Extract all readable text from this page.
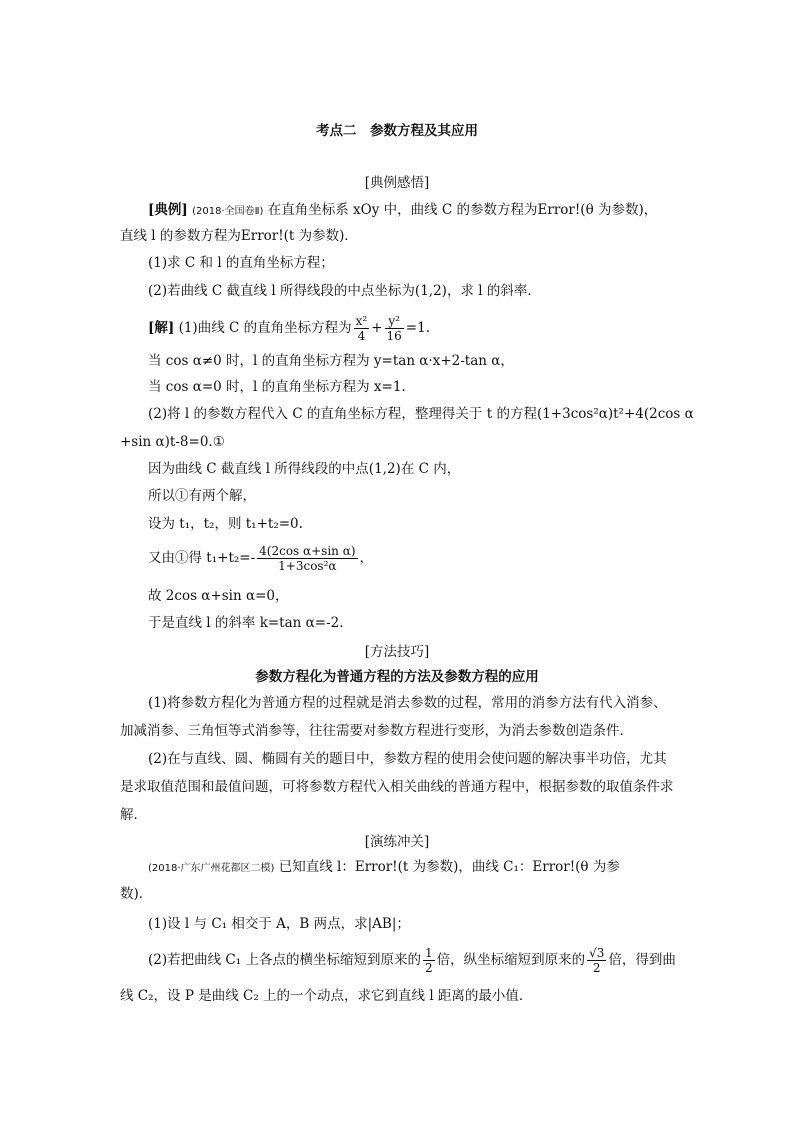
考点二　参数方程及其应用
[典例感悟]
[典例] (2018·全国卷Ⅱ) 在直角坐标系 xOy 中，曲线 C 的参数方程为Error!(θ 为参数)，
直线 l 的参数方程为Error!(t 为参数)．
(1)求 C 和 l 的直角坐标方程；
(2)若曲线 C 截直线 l 所得线段的中点坐标为(1,2)，求 l 的斜率．
[解] (1)曲线 C 的直角坐标方程为 $\frac{\text{x²}}{4} + \frac{\text{y²}}{16} =1$.
当 cos α≠0 时，l 的直角坐标方程为 y=tan α·x+2-tan α，
当 cos α=0 时，l 的直角坐标方程为 x=1.
(2)将 l 的参数方程代入 C 的直角坐标方程，整理得关于 t 的方程(1+3cos²α)t²+4(2cos α
+sin α)t-8=0.①
因为曲线 C 截直线 l 所得线段的中点(1,2)在 C 内，
所以①有两个解，
设为 t₁，t₂，则 t₁+t₂=0.
又由①得 $t_1+t_2=- \frac{\text{4(2cos α+sin α)}}{\text{1+3cos²α}}$ ，
故 2cos α+sin α=0，
于是直线 l 的斜率 k=tan α=-2.
[方法技巧]
参数方程化为普通方程的方法及参数方程的应用
(1)将参数方程化为普通方程的过程就是消去参数的过程，常用的消参方法有代入消参、加减消参、三角恒等式消参等，往往需要对参数方程进行变形，为消去参数创造条件．
(2)在与直线、圆、椭圆有关的题目中，参数方程的使用会使问题的解决事半功倍，尤其是求取值范围和最值问题，可将参数方程代入相关曲线的普通方程中，根据参数的取值条件求解．
[演练冲关]
(2018·广东广州花都区二模) 已知直线 l：Error!(t 为参数)，曲线 C₁：Error!(θ 为参
数)．
(1)设 l 与 C₁ 相交于 A，B 两点，求|AB|；
(2)若把曲线 C₁ 上各点的横坐标缩短到原来的 $\frac{1}{2}$ 倍，纵坐标缩短到原来的 $\frac{√3}{2}$ 倍，得到曲
线 C₂，设 P 是曲线 C₂ 上的一个动点，求它到直线 l 距离的最小值．
